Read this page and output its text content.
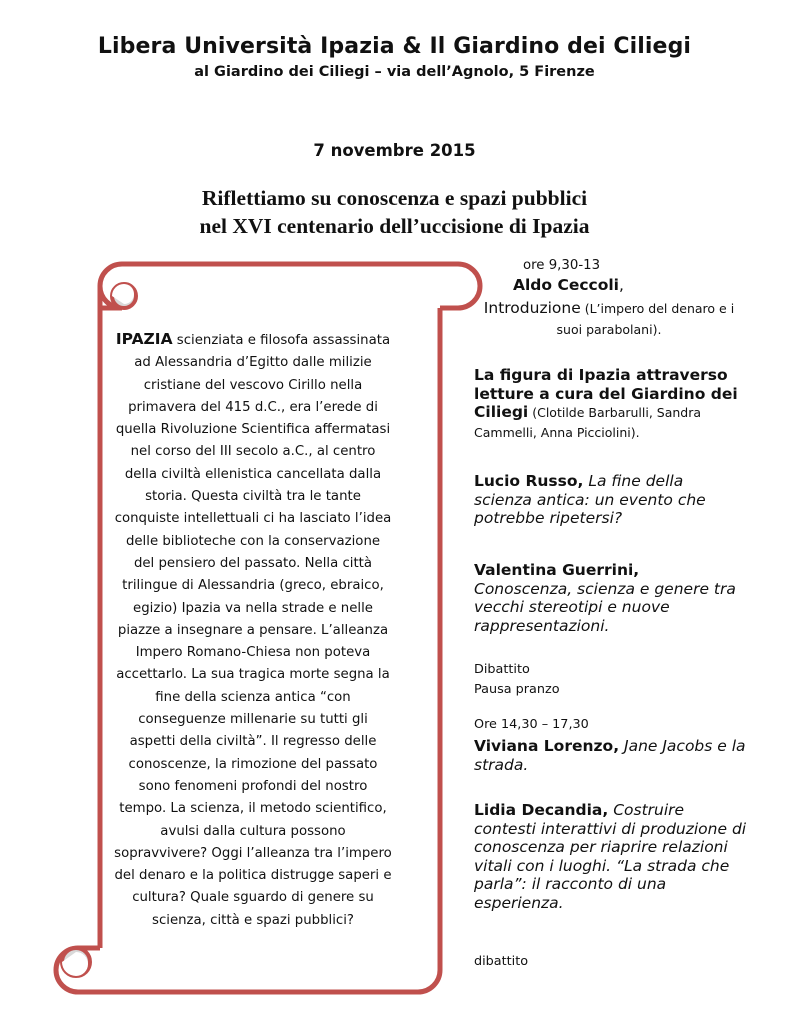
Libera Università Ipazia & Il Giardino dei Ciliegi
al Giardino dei Ciliegi – via dell’Agnolo, 5 Firenze
7 novembre 2015
Riflettiamo su conoscenza e spazi pubblici
nel XVI centenario dell’uccisione di Ipazia
IPAZIA scienziata e filosofa assassinata ad Alessandria d’Egitto dalle milizie cristiane del vescovo Cirillo nella primavera del 415 d.C., era l’erede di quella Rivoluzione Scientifica affermatasi nel corso del III secolo a.C., al centro della civiltà ellenistica cancellata dalla storia. Questa civiltà tra le tante conquiste intellettuali ci ha lasciato l’idea delle biblioteche con la conservazione del pensiero del passato. Nella città trilingue di Alessandria (greco, ebraico, egizio) Ipazia va nella strade e nelle piazze a insegnare a pensare. L’alleanza Impero Romano-Chiesa non poteva accettarlo. La sua tragica morte segna la fine della scienza antica “con conseguenze millenarie su tutti gli aspetti della civiltà”. Il regresso delle conoscenze, la rimozione del passato sono fenomeni profondi del nostro tempo. La scienza, il metodo scientifico, avulsi dalla cultura possono sopravvivere? Oggi l’alleanza tra l’impero del denaro e la politica distrugge saperi e cultura? Quale sguardo di genere su scienza, città e spazi pubblici?
ore 9,30-13
Aldo Ceccoli,
Introduzione (L’impero del denaro e i suoi parabolani).
La figura di Ipazia attraverso letture a cura del Giardino dei Ciliegi (Clotilde Barbarulli, Sandra Cammelli, Anna Picciolini).
Lucio Russo, La fine della scienza antica: un evento che potrebbe ripetersi?
Valentina Guerrini,
Conoscenza, scienza e genere tra vecchi stereotipi e nuove rappresentazioni.
Dibattito
Pausa pranzo
Ore 14,30 – 17,30
Viviana Lorenzo, Jane Jacobs e la strada.
Lidia Decandia, Costruire contesti interattivi di produzione di conoscenza per riaprire relazioni vitali con i luoghi. “La strada che parla”: il racconto di una esperienza.
dibattito
